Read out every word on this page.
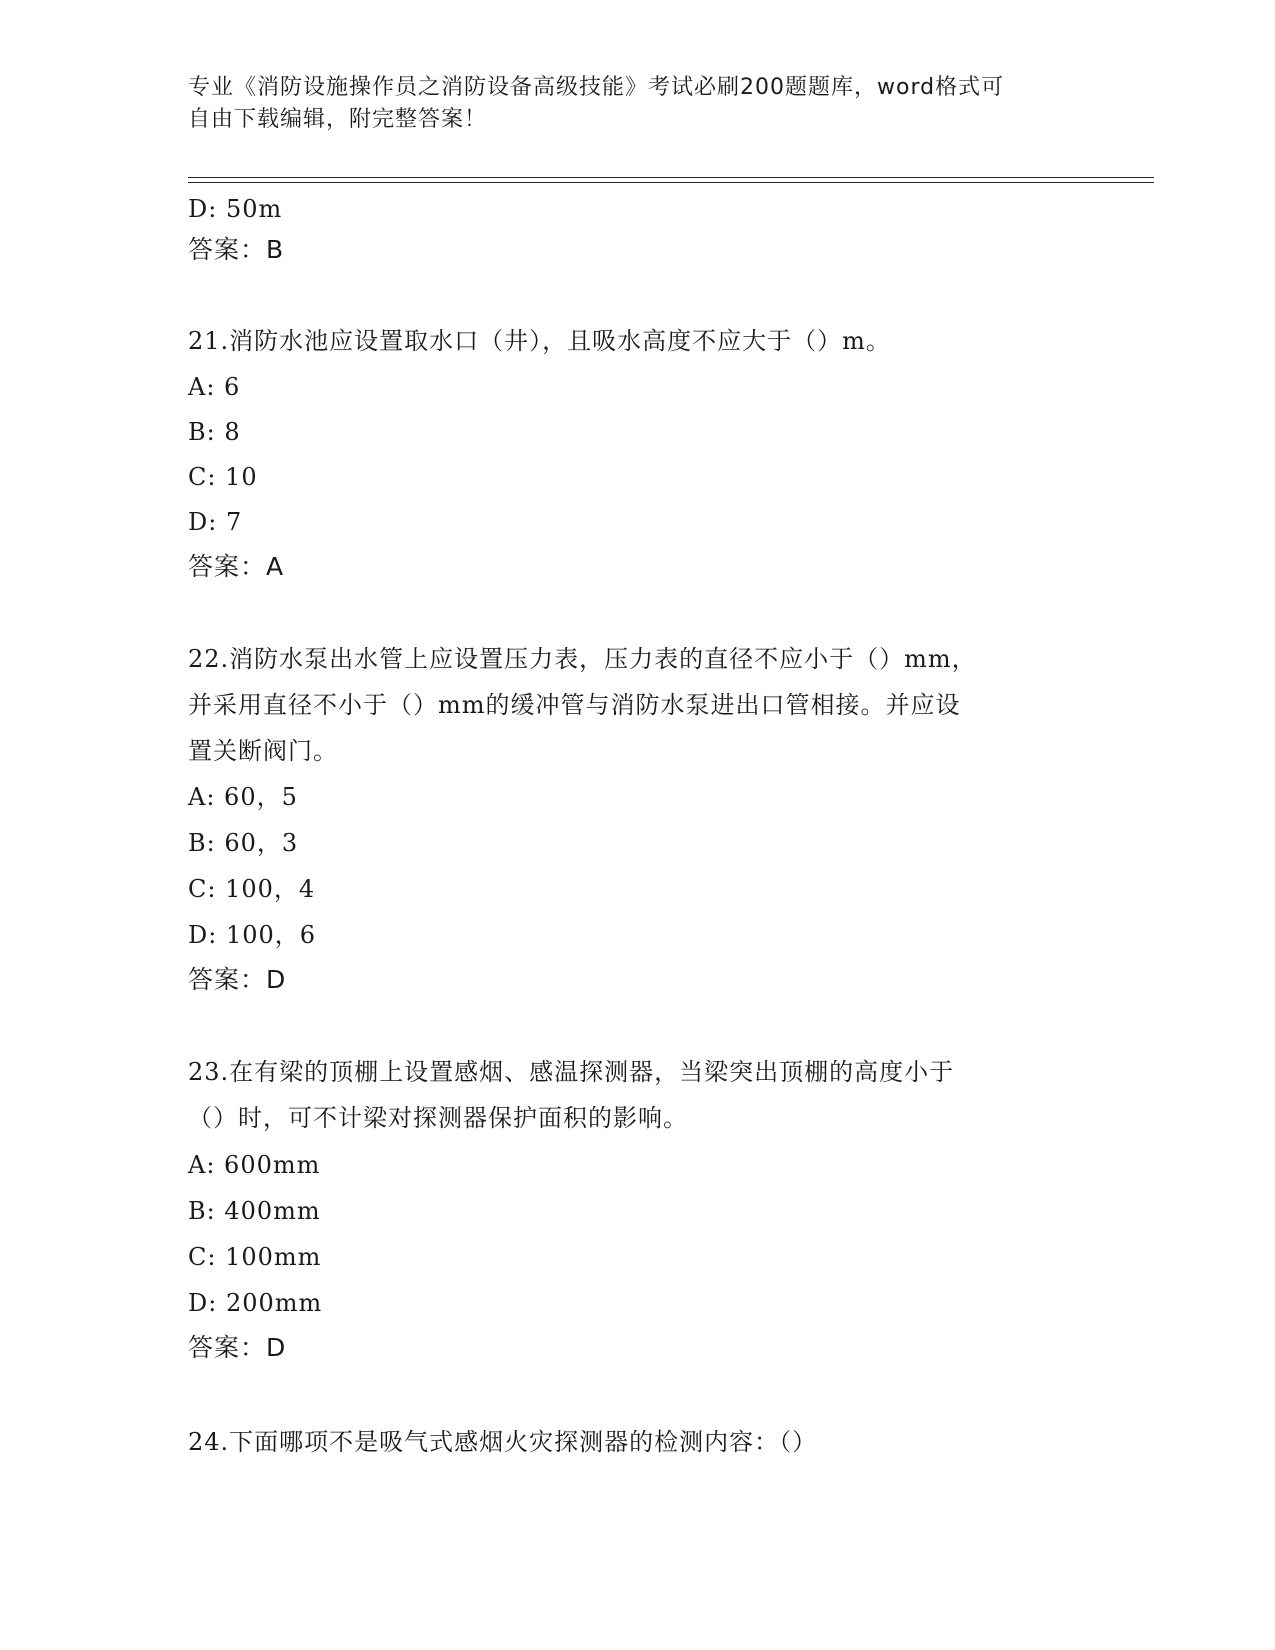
专业《消防设施操作员之消防设备高级技能》考试必刷200题题库，word格式可
自由下载编辑，附完整答案！
D: 50m
答案：B
21.消防水池应设置取水口（井），且吸水高度不应大于（）m。
A: 6
B: 8
C: 10
D: 7
答案：A
22.消防水泵出水管上应设置压力表，压力表的直径不应小于（）mm，
并采用直径不小于（）mm的缓冲管与消防水泵进出口管相接。并应设
置关断阀门。
A: 60，5
B: 60，3
C: 100，4
D: 100，6
答案：D
23.在有梁的顶棚上设置感烟、感温探测器，当梁突出顶棚的高度小于
（）时，可不计梁对探测器保护面积的影响。
A: 600mm
B: 400mm
C: 100mm
D: 200mm
答案：D
24.下面哪项不是吸气式感烟火灾探测器的检测内容：（）
